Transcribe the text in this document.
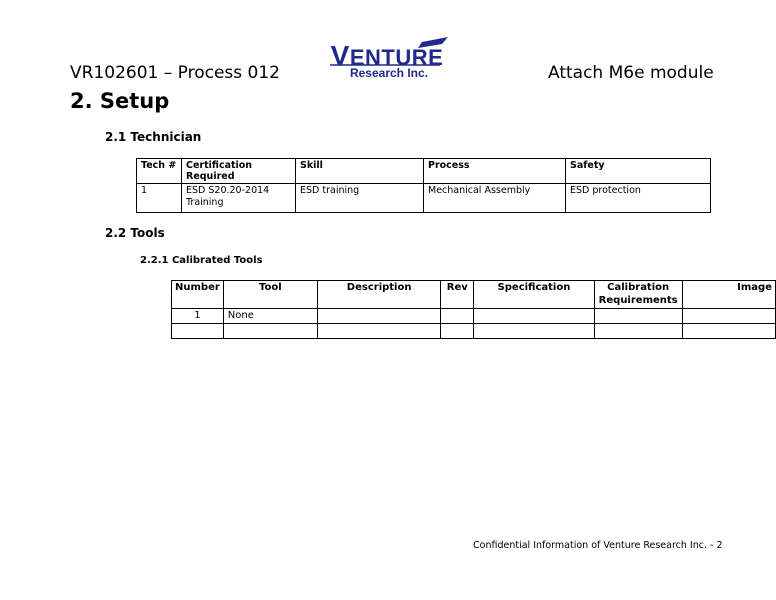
VR102601 – Process 012
VENTURE
Research Inc.	Attach M6e module
2. Setup
2.1 Technician
Tech #	Certification Required	Skill	Process	Safety
1	ESD S20.20-2014 Training	ESD training	Mechanical Assembly	ESD protection
2.2 Tools
2.2.1 Calibrated Tools
Number	Tool	Description	Rev	Specification	Calibration Requirements	Image
1	None					

Confidential Information of Venture Research Inc. - 2
